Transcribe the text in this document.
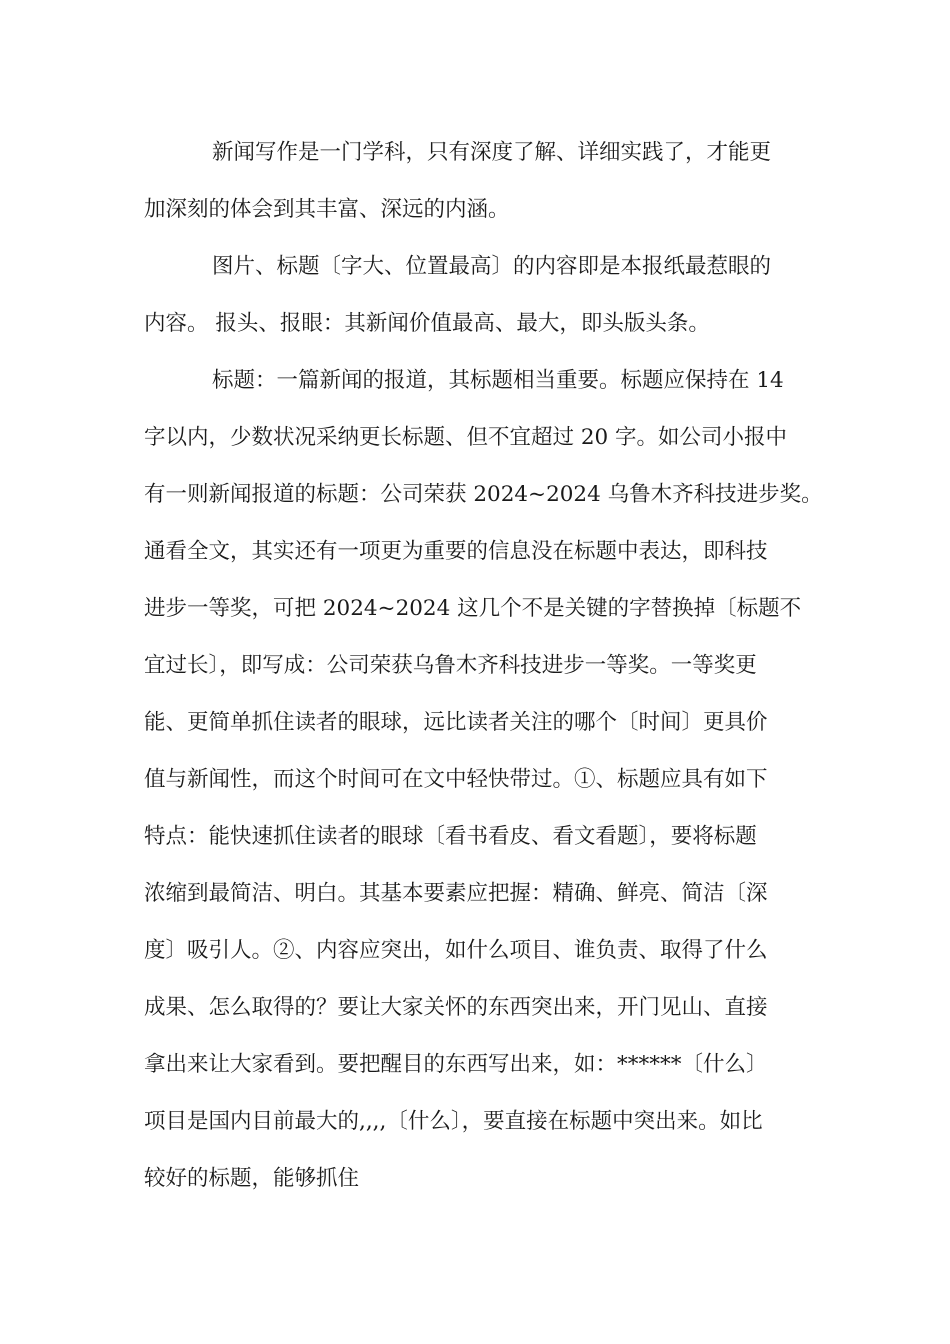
新闻写作是一门学科，只有深度了解、详细实践了，才能更
加深刻的体会到其丰富、深远的内涵。
图片、标题〔字大、位置最高〕的内容即是本报纸最惹眼的
内容。 报头、报眼：其新闻价值最高、最大，即头版头条。
标题：一篇新闻的报道，其标题相当重要。标题应保持在 14
字以内，少数状况采纳更长标题、但不宜超过 20 字。如公司小报中
有一则新闻报道的标题：公司荣获 2024~2024 乌鲁木齐科技进步奖。
通看全文，其实还有一项更为重要的信息没在标题中表达，即科技
进步一等奖，可把 2024~2024 这几个不是关键的字替换掉〔标题不
宜过长〕，即写成：公司荣获乌鲁木齐科技进步一等奖。一等奖更
能、更简单抓住读者的眼球，远比读者关注的哪个〔时间〕更具价
值与新闻性，而这个时间可在文中轻快带过。①、标题应具有如下
特点：能快速抓住读者的眼球〔看书看皮、看文看题〕，要将标题
浓缩到最简洁、明白。其基本要素应把握：精确、鲜亮、简洁〔深
度〕吸引人。②、内容应突出，如什么项目、谁负责、取得了什么
成果、怎么取得的？要让大家关怀的东西突出来，开门见山、直接
拿出来让大家看到。要把醒目的东西写出来，如：******〔什么〕
项目是国内目前最大的,,,,〔什么〕，要直接在标题中突出来。如比
较好的标题，能够抓住
